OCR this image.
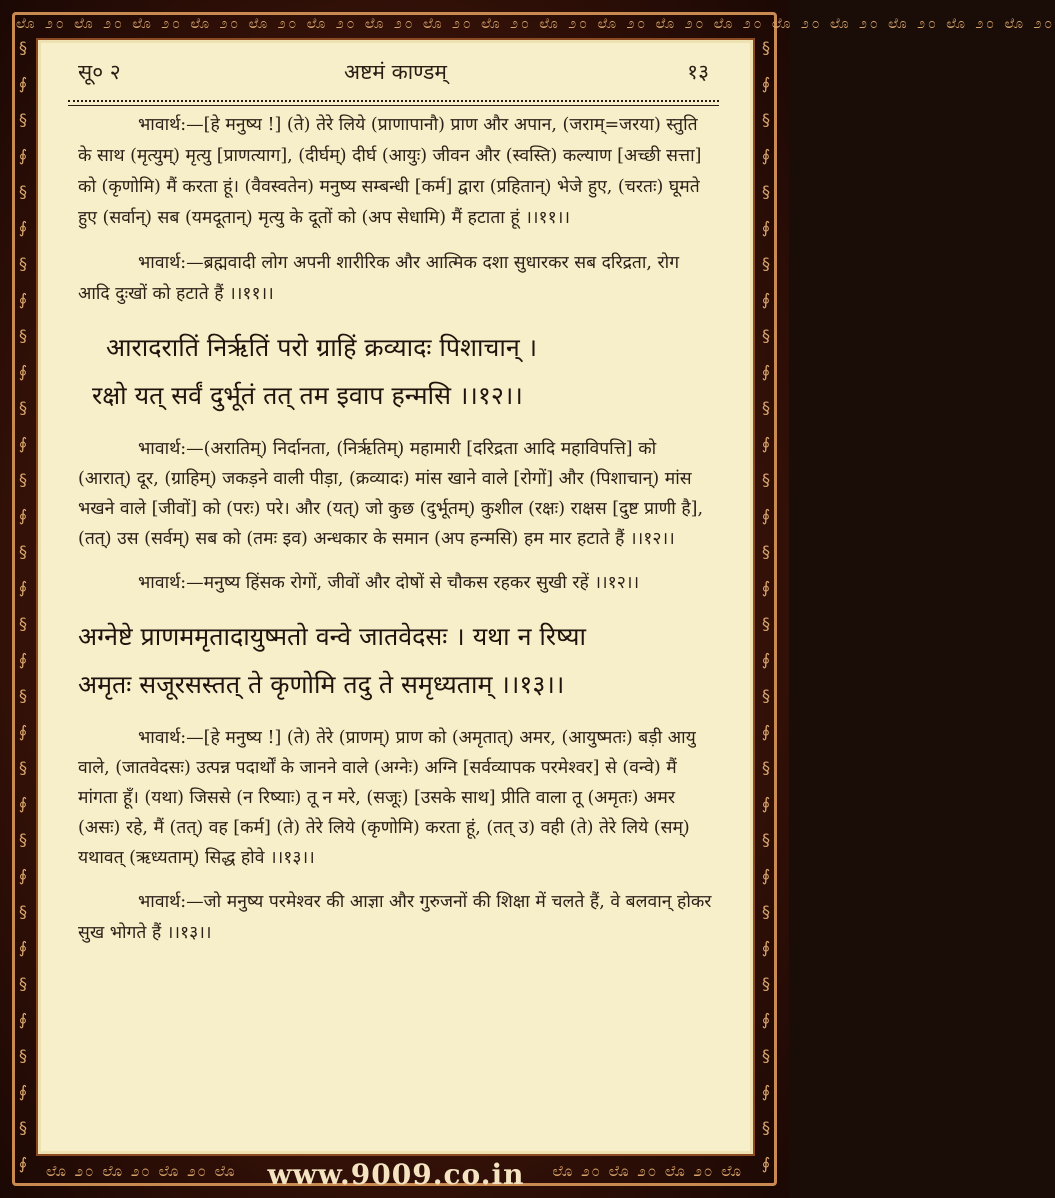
ಲೊ ೨೦ ಲೊ ೨೦ ಲೊ ೨೦ ಲೊ ೨೦ ಲೊ ೨೦ ಲೊ ೨೦ ಲೊ ೨೦ ಲೊ ೨೦ ಲೊ ೨೦ ಲೊ ೨೦ ಲೊ ೨೦ ಲೊ ೨೦ ಲೊ ೨೦ ಲೊ ೨೦ ಲೊ ೨೦ ಲೊ ೨೦ ಲೊ ೨೦ ಲೊ ೨೦
§
∮
§
∮
§
∮
§
∮
§
∮
§
∮
§
∮
§
∮
§
∮
§
∮
§
∮
§
∮
§
∮
§
∮
§
∮
§
∮
§
∮
§
∮
§
∮
§
∮
§
∮
§
∮
§
∮
§
∮
§
∮
§
∮
§
∮
§
∮
§
∮
§
∮
§
∮
§
∮
सू० २	अष्टमं काण्डम्	१३

भावार्थ:—[हे मनुष्य !] (ते) तेरे लिये (प्राणापानौ) प्राण और अपान, (जराम्=जरया) स्तुति के साथ (मृत्युम्) मृत्यु [प्राणत्याग], (दीर्घम्) दीर्घ (आयुः) जीवन और (स्वस्ति) कल्याण [अच्छी सत्ता] को (कृणोमि) मैं करता हूं। (वैवस्वतेन) मनुष्य सम्बन्धी [कर्म] द्वारा (प्रहितान्) भेजे हुए, (चरतः) घूमते हुए (सर्वान्) सब (यमदूतान्) मृत्यु के दूतों को (अप सेधामि) मैं हटाता हूं ।।११।।

भावार्थ:—ब्रह्मवादी लोग अपनी शारीरिक और आत्मिक दशा सुधारकर सब दरिद्रता, रोग आदि दुःखों को हटाते हैं ।।११।।

आरादरातिं निर्ऋतिं परो ग्राहिं क्रव्यादः पिशाचान् ।

रक्षो यत् सर्वं दुर्भूतं तत् तम इवाप हन्मसि ।।१२।।

भावार्थ:—(अरातिम्) निर्दानता, (निर्ऋतिम्) महामारी [दरिद्रता आदि महाविपत्ति] को (आरात्) दूर, (ग्राहिम्) जकड़ने वाली पीड़ा, (क्रव्यादः) मांस खाने वाले [रोगों] और (पिशाचान्) मांस भखने वाले [जीवों] को (परः) परे। और (यत्) जो कुछ (दुर्भूतम्) कुशील (रक्षः) राक्षस [दुष्ट प्राणी है], (तत्) उस (सर्वम्) सब को (तमः इव) अन्धकार के समान (अप हन्मसि) हम मार हटाते हैं ।।१२।।

भावार्थ:—मनुष्य हिंसक रोगों, जीवों और दोषों से चौकस रहकर सुखी रहें ।।१२।।

अग्नेष्टे प्राणममृतादायुष्मतो वन्वे जातवेदसः । यथा न रिष्या

अमृतः सजूरसस्तत् ते कृणोमि तदु ते समृध्यताम् ।।१३।।

भावार्थ:—[हे मनुष्य !] (ते) तेरे (प्राणम्) प्राण को (अमृतात्) अमर, (आयुष्मतः) बड़ी आयु वाले, (जातवेदसः) उत्पन्न पदार्थों के जानने वाले (अग्नेः) अग्नि [सर्वव्यापक परमेश्वर] से (वन्वे) मैं मांगता हूँ। (यथा) जिससे (न रिष्याः) तू न मरे, (सजूः) [उसके साथ] प्रीति वाला तू (अमृतः) अमर (असः) रहे, मैं (तत्) वह [कर्म] (ते) तेरे लिये (कृणोमि) करता हूं, (तत् उ) वही (ते) तेरे लिये (सम्) यथावत् (ऋध्यताम्) सिद्ध होवे ।।१३।।

भावार्थ:—जो मनुष्य परमेश्वर की आज्ञा और गुरुजनों की शिक्षा में चलते हैं, वे बलवान् होकर सुख भोगते हैं ।।१३।।

ಲೊ ೨೦ ಲೊ ೨೦ ಲೊ ೨೦ ಲೊ	www.9009.co.in	ಲೊ ೨೦ ಲೊ ೨೦ ಲೊ ೨೦ ಲೊ
